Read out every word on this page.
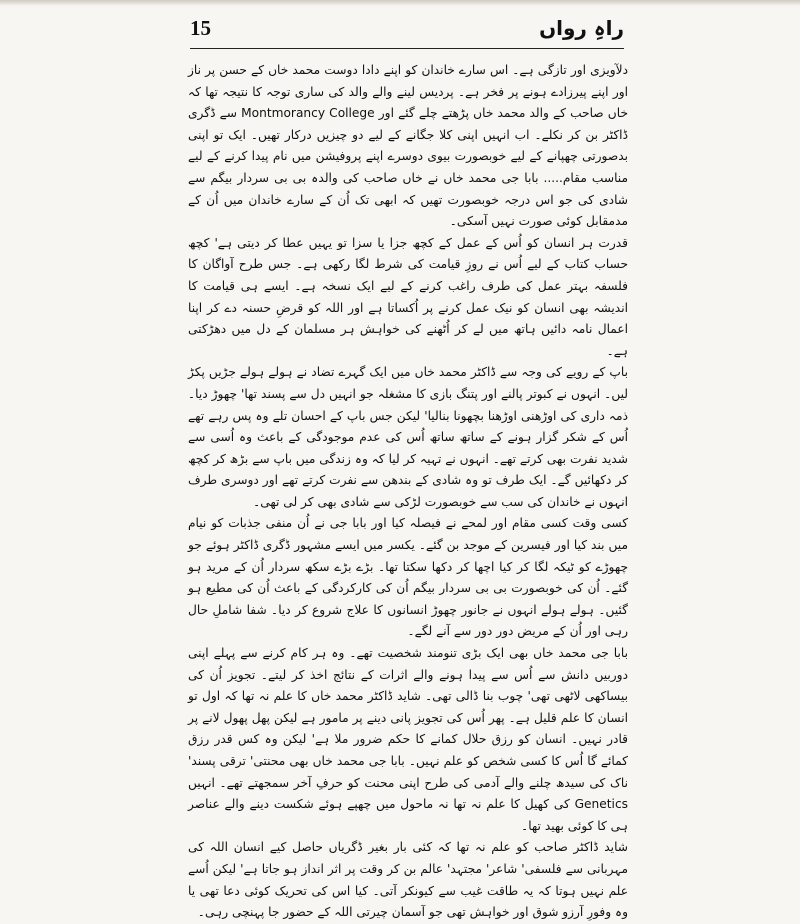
راہِ رواں
15

دلآویزی اور تازگی ہے۔ اس سارے خاندان کو اپنے دادا دوست محمد خاں کے حسن پر ناز اور اپنے پیرزادے ہونے پر فخر ہے۔ پردیس لینے والے والد کی ساری توجہ کا نتیجہ تھا کہ خاں صاحب کے والد محمد خاں پڑھتے چلے گئے اور Montmorancy College سے ڈگری ڈاکٹر بن کر نکلے۔ اب انہیں اپنی کلا جگانے کے لیے دو چیزیں درکار تھیں۔ ایک تو اپنی بدصورتی چھپانے کے لیے خوبصورت بیوی دوسرے اپنے پروفیشن میں نام پیدا کرنے کے لیے مناسب مقام..... بابا جی محمد خاں نے خاں صاحب کی والدہ بی بی سردار بیگم سے شادی کی جو اس درجہ خوبصورت تھیں کہ ابھی تک اُن کے سارے خاندان میں اُن کے مدمقابل کوئی صورت نہیں آسکی۔

قدرت ہر انسان کو اُس کے عمل کے کچھ جزا یا سزا تو یہیں عطا کر دیتی ہے' کچھ حساب کتاب کے لیے اُس نے روزِ قیامت کی شرط لگا رکھی ہے۔ جس طرح آواگان کا فلسفہ بہتر عمل کی طرف راغب کرنے کے لیے ایک نسخہ ہے۔ ایسے ہی قیامت کا اندیشہ بھی انسان کو نیک عمل کرنے پر اُکساتا ہے اور اللہ کو قرضِ حسنہ دے کر اپنا اعمال نامہ دائیں ہاتھ میں لے کر اُٹھنے کی خواہش ہر مسلمان کے دل میں دھڑکتی ہے۔

باپ کے رویے کی وجہ سے ڈاکٹر محمد خاں میں ایک گہرے تضاد نے ہولے ہولے جڑیں پکڑ لیں۔ انہوں نے کبوتر پالنے اور پتنگ بازی کا مشغلہ جو انہیں دل سے پسند تھا' چھوڑ دیا۔ ذمہ داری کی اوڑھنی اوڑھنا بچھونا بنالیا' لیکن جس باپ کے احسان تلے وہ پس رہے تھے اُس کے شکر گزار ہونے کے ساتھ ساتھ اُس کی عدم موجودگی کے باعث وہ اُسی سے شدید نفرت بھی کرتے تھے۔ انہوں نے تہیہ کر لیا کہ وہ زندگی میں باپ سے بڑھ کر کچھ کر دکھائیں گے۔ ایک طرف تو وہ شادی کے بندھن سے نفرت کرتے تھے اور دوسری طرف انہوں نے خاندان کی سب سے خوبصورت لڑکی سے شادی بھی کر لی تھی۔

کسی وقت کسی مقام اور لمحے نے فیصلہ کیا اور بابا جی نے اُن منفی جذبات کو نیام میں بند کیا اور فیسرین کے موجد بن گئے۔ یکسر میں ایسے مشہور ڈگری ڈاکٹر ہوئے جو چھوڑے کو ٹیکہ لگا کر کیا اچھا کر دکھا سکتا تھا۔ بڑے بڑے سکھ سردار اُن کے مرید ہو گئے۔ اُن کی خوبصورت بی بی سردار بیگم اُن کی کارکردگی کے باعث اُن کی مطیع ہو گئیں۔ ہولے ہولے انہوں نے جانور چھوڑ انسانوں کا علاج شروع کر دیا۔ شفا شاملِ حال رہی اور اُن کے مریض دور دور سے آنے لگے۔

بابا جی محمد خاں بھی ایک بڑی تنومند شخصیت تھے۔ وہ ہر کام کرنے سے پہلے اپنی دوربیں دانش سے اُس سے پیدا ہونے والے اثرات کے نتائج اخذ کر لیتے۔ تجویز اُن کی بیساکھی لاٹھی تھی' چوب بنا ڈالی تھی۔ شاید ڈاکٹر محمد خاں کا علم نہ تھا کہ اول تو انسان کا علم قلیل ہے۔ پھر اُس کی تجویز پانی دینے پر مامور ہے لیکن پھل پھول لانے پر قادر نہیں۔ انسان کو رزق حلال کمانے کا حکم ضرور ملا ہے' لیکن وہ کس قدر رزق کمائے گا اُس کا کسی شخص کو علم نہیں۔ بابا جی محمد خاں بھی محنتی' ترقی پسند' ناک کی سیدھ چلنے والے آدمی کی طرح اپنی محنت کو حرفِ آخر سمجھتے تھے۔ انہیں Genetics کی کھیل کا علم نہ تھا نہ ماحول میں چھپے ہوئے شکست دینے والے عناصر ہی کا کوئی بھید تھا۔

شاید ڈاکٹر صاحب کو علم نہ تھا کہ کئی بار بغیر ڈگریاں حاصل کیے انسان اللہ کی مہربانی سے فلسفی' شاعر' مجتہد' عالم بن کر وقت پر اثر انداز ہو جاتا ہے' لیکن اُسے علم نہیں ہوتا کہ یہ طاقت غیب سے کیونکر آتی۔ کیا اس کی تحریک کوئی دعا تھی یا وہ وفورِ آرزو شوق اور خواہش تھی جو آسمان چیرتی اللہ کے حضور جا پہنچی رہی۔
